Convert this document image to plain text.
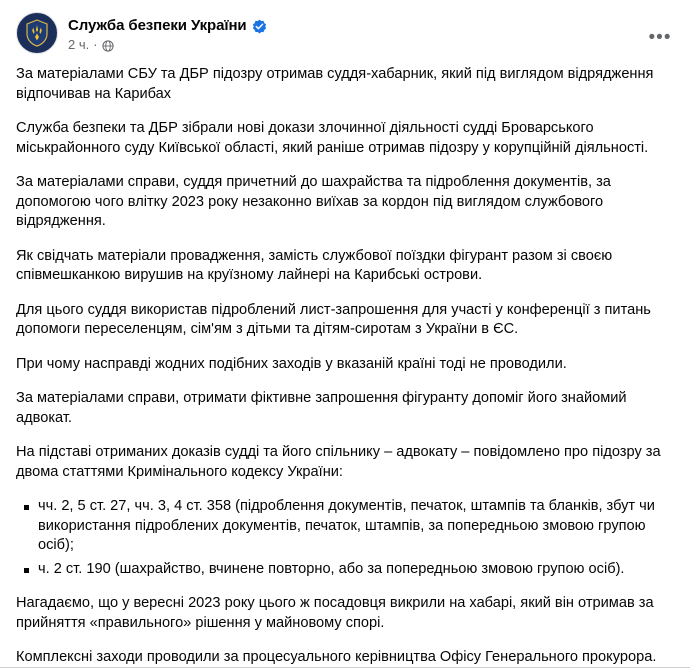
Служба безпеки України
2 ч. ·	•••

За матеріалами СБУ та ДБР підозру отримав суддя-хабарник, який під виглядом відрядження відпочивав на Карибах

Служба безпеки та ДБР зібрали нові докази злочинної діяльності судді Броварського міськрайонного суду Київської області, який раніше отримав підозру у корупційній діяльності.

За матеріалами справи, суддя причетний до шахрайства та підроблення документів, за допомогою чого влітку 2023 року незаконно виїхав за кордон під виглядом службового відрядження.

Як свідчать матеріали провадження, замість службової поїздки фігурант разом зі своєю співмешканкою вирушив на круїзному лайнері на Карибські острови.

Для цього суддя використав підроблений лист-запрошення для участі у конференції з питань допомоги переселенцям, сім'ям з дітьми та дітям-сиротам з України в ЄС.

При чому насправді жодних подібних заходів у вказаній країні тоді не проводили.

За матеріалами справи, отримати фіктивне запрошення фігуранту допоміг його знайомий адвокат.

На підставі отриманих доказів судді та його спільнику – адвокату – повідомлено про підозру за двома статтями Кримінального кодексу України:

чч. 2, 5 ст. 27, чч. 3, 4 ст. 358 (підроблення документів, печаток, штампів та бланків, збут чи використання підроблених документів, печаток, штампів, за попередньою змовою групою осіб);
ч. 2 ст. 190 (шахрайство, вчинене повторно, або за попередньою змовою групою осіб).

Нагадаємо, що у вересні 2023 року цього ж посадовця викрили на хабарі, який він отримав за прийняття «правильного» рішення у майновому спорі.

Комплексні заходи проводили за процесуального керівництва Офісу Генерального прокурора.
